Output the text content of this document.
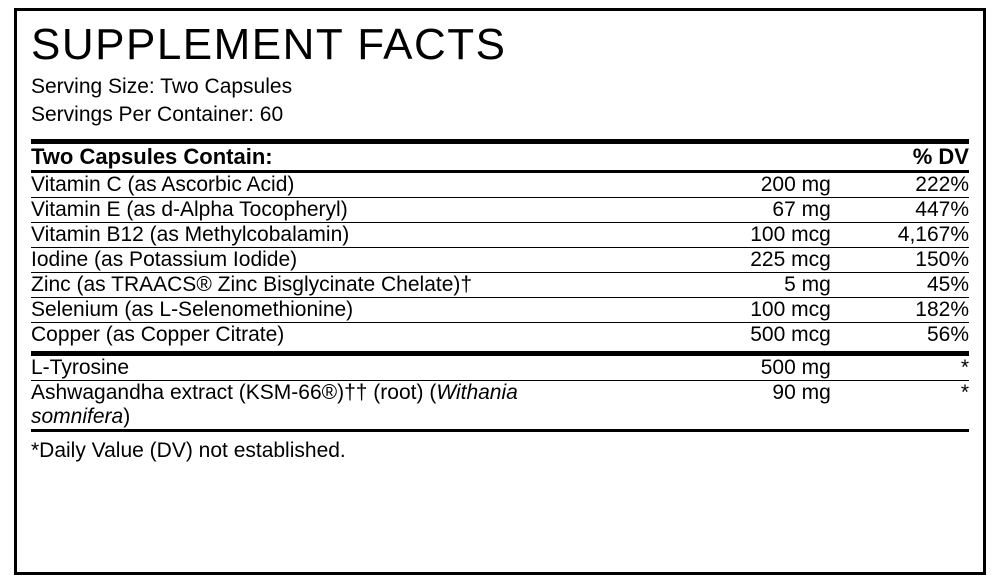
SUPPLEMENT FACTS
Serving Size: Two Capsules
Servings Per Container: 60
Two Capsules Contain:		% DV
Vitamin C (as Ascorbic Acid)	200 mg	222%
Vitamin E (as d-Alpha Tocopheryl)	67 mg	447%
Vitamin B12 (as Methylcobalamin)	100 mcg	4,167%
Iodine (as Potassium Iodide)	225 mcg	150%
Zinc (as TRAACS® Zinc Bisglycinate Chelate)†	5 mg	45%
Selenium (as L-Selenomethionine)	100 mcg	182%
Copper (as Copper Citrate)	500 mcg	56%
L-Tyrosine	500 mg	*
Ashwagandha extract (KSM-66®)†† (root) (Withania somnifera)	90 mg	*
*Daily Value (DV) not established.
